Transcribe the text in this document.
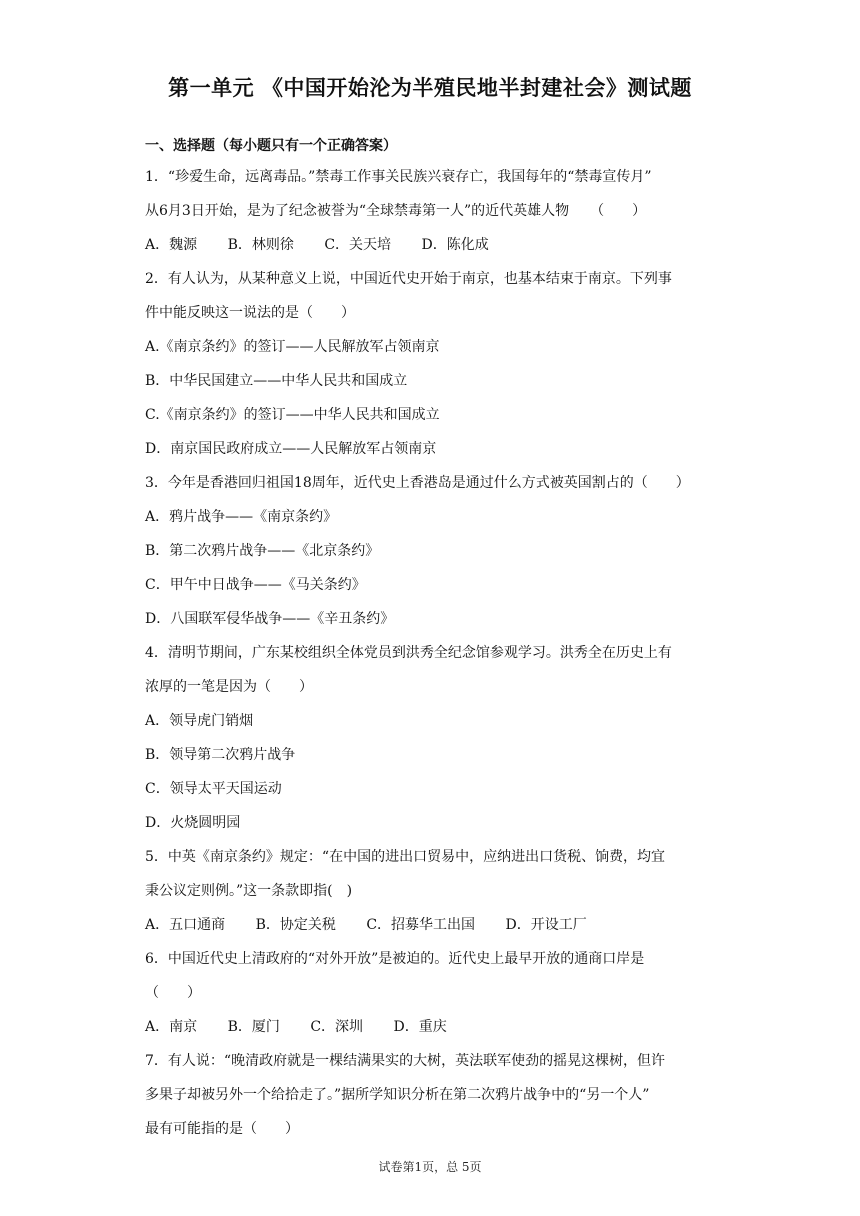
第一单元 《中国开始沦为半殖民地半封建社会》测试题
一、选择题（每小题只有一个正确答案）
1．“珍爱生命，远离毒品。”禁毒工作事关民族兴衰存亡，我国每年的“禁毒宣传月”
从6月3日开始，是为了纪念被誉为“全球禁毒第一人”的近代英雄人物　　（　　）
A．魏源 B．林则徐 C．关天培 D．陈化成
2．有人认为，从某种意义上说，中国近代史开始于南京，也基本结束于南京。下列事
件中能反映这一说法的是（　　）
A.《南京条约》的签订——人民解放军占领南京
B．中华民国建立——中华人民共和国成立
C.《南京条约》的签订——中华人民共和国成立
D．南京国民政府成立——人民解放军占领南京
3．今年是香港回归祖国18周年，近代史上香港岛是通过什么方式被英国割占的（　　）
A．鸦片战争——《南京条约》
B．第二次鸦片战争——《北京条约》
C．甲午中日战争——《马关条约》
D．八国联军侵华战争——《辛丑条约》
4．清明节期间，广东某校组织全体党员到洪秀全纪念馆参观学习。洪秀全在历史上有
浓厚的一笔是因为（　　）
A．领导虎门销烟
B．领导第二次鸦片战争
C．领导太平天国运动
D．火烧圆明园
5．中英《南京条约》规定：“在中国的进出口贸易中，应纳进出口货税、饷费，均宜
秉公议定则例。”这一条款即指(　)
A．五口通商 B．协定关税 C．招募华工出国 D．开设工厂
6．中国近代史上清政府的“对外开放”是被迫的。近代史上最早开放的通商口岸是
（　　）
A．南京 B．厦门 C．深圳 D．重庆
7．有人说：“晚清政府就是一棵结满果实的大树，英法联军使劲的摇晃这棵树，但许
多果子却被另外一个给拾走了。”据所学知识分析在第二次鸦片战争中的“另一个人”
最有可能指的是（　　）
试卷第1页，总 5页
